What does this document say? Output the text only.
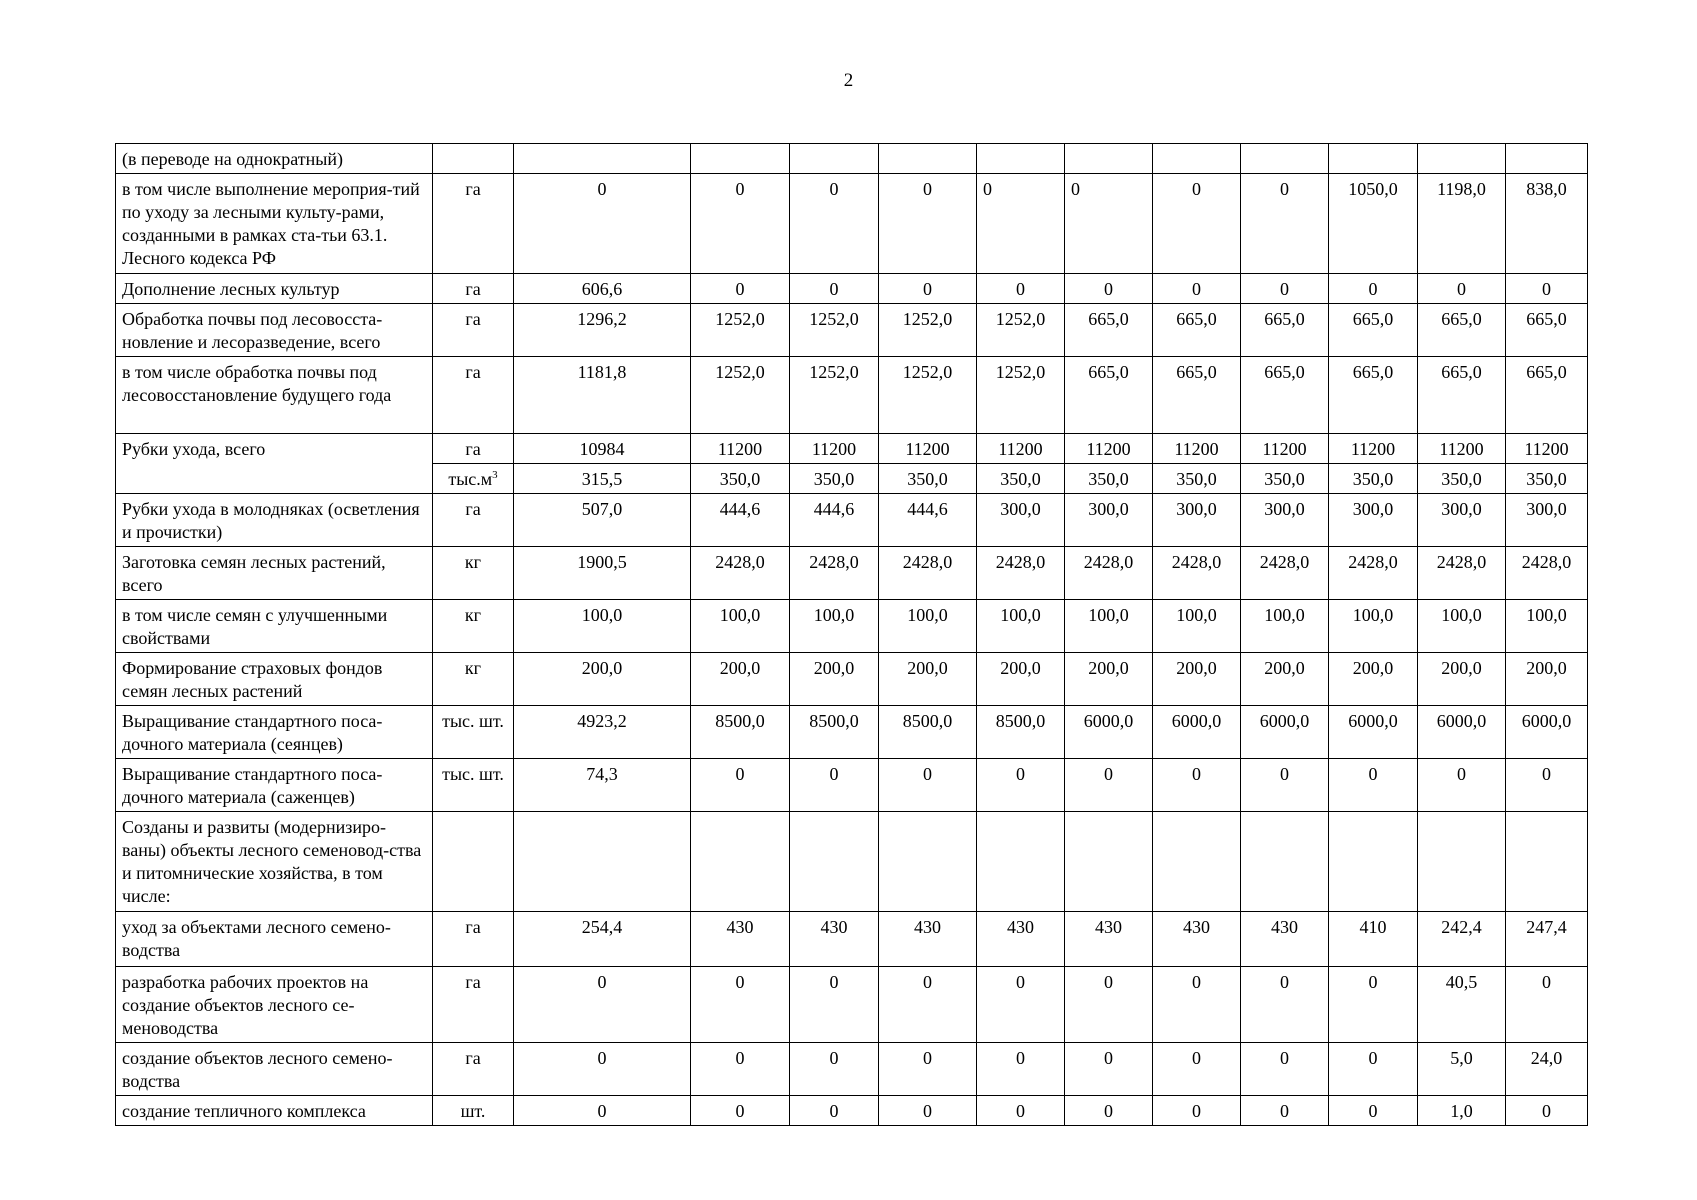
2
(в переводе на однократный)												
в том числе выполнение мероприя-тий по уходу за лесными культу-рами, созданными в рамках ста-тьи 63.1. Лесного кодекса РФ	га	0	0	0	0	0	0	0	0	1050,0	1198,0	838,0
Дополнение лесных культур	га	606,6	0	0	0	0	0	0	0	0	0	0
Обработка почвы под лесовосста-новление и лесоразведение, всего	га	1296,2	1252,0	1252,0	1252,0	1252,0	665,0	665,0	665,0	665,0	665,0	665,0
в том числе обработка почвы под лесовосстановление будущего года	га	1181,8	1252,0	1252,0	1252,0	1252,0	665,0	665,0	665,0	665,0	665,0	665,0
Рубки ухода, всего	га	10984	11200	11200	11200	11200	11200	11200	11200	11200	11200	11200
	$тыс.м^3$	315,5	350,0	350,0	350,0	350,0	350,0	350,0	350,0	350,0	350,0	350,0
Рубки ухода в молодняках (осветления и прочистки)	га	507,0	444,6	444,6	444,6	300,0	300,0	300,0	300,0	300,0	300,0	300,0
Заготовка семян лесных растений, всего	кг	1900,5	2428,0	2428,0	2428,0	2428,0	2428,0	2428,0	2428,0	2428,0	2428,0	2428,0
в том числе семян с улучшенными свойствами	кг	100,0	100,0	100,0	100,0	100,0	100,0	100,0	100,0	100,0	100,0	100,0
Формирование страховых фондов семян лесных растений	кг	200,0	200,0	200,0	200,0	200,0	200,0	200,0	200,0	200,0	200,0	200,0
Выращивание стандартного поса-дочного материала (сеянцев)	тыс. шт.	4923,2	8500,0	8500,0	8500,0	8500,0	6000,0	6000,0	6000,0	6000,0	6000,0	6000,0
Выращивание стандартного поса-дочного материала (саженцев)	тыс. шт.	74,3	0	0	0	0	0	0	0	0	0	0
Созданы и развиты (модернизиро-ваны) объекты лесного семеновод-ства и питомнические хозяйства, в том числе:												
уход за объектами лесного семено-водства	га	254,4	430	430	430	430	430	430	430	410	242,4	247,4
разработка рабочих проектов на создание объектов лесного се-меноводства	га	0	0	0	0	0	0	0	0	0	40,5	0
создание объектов лесного семено-водства	га	0	0	0	0	0	0	0	0	0	5,0	24,0
создание тепличного комплекса	шт.	0	0	0	0	0	0	0	0	0	1,0	0
